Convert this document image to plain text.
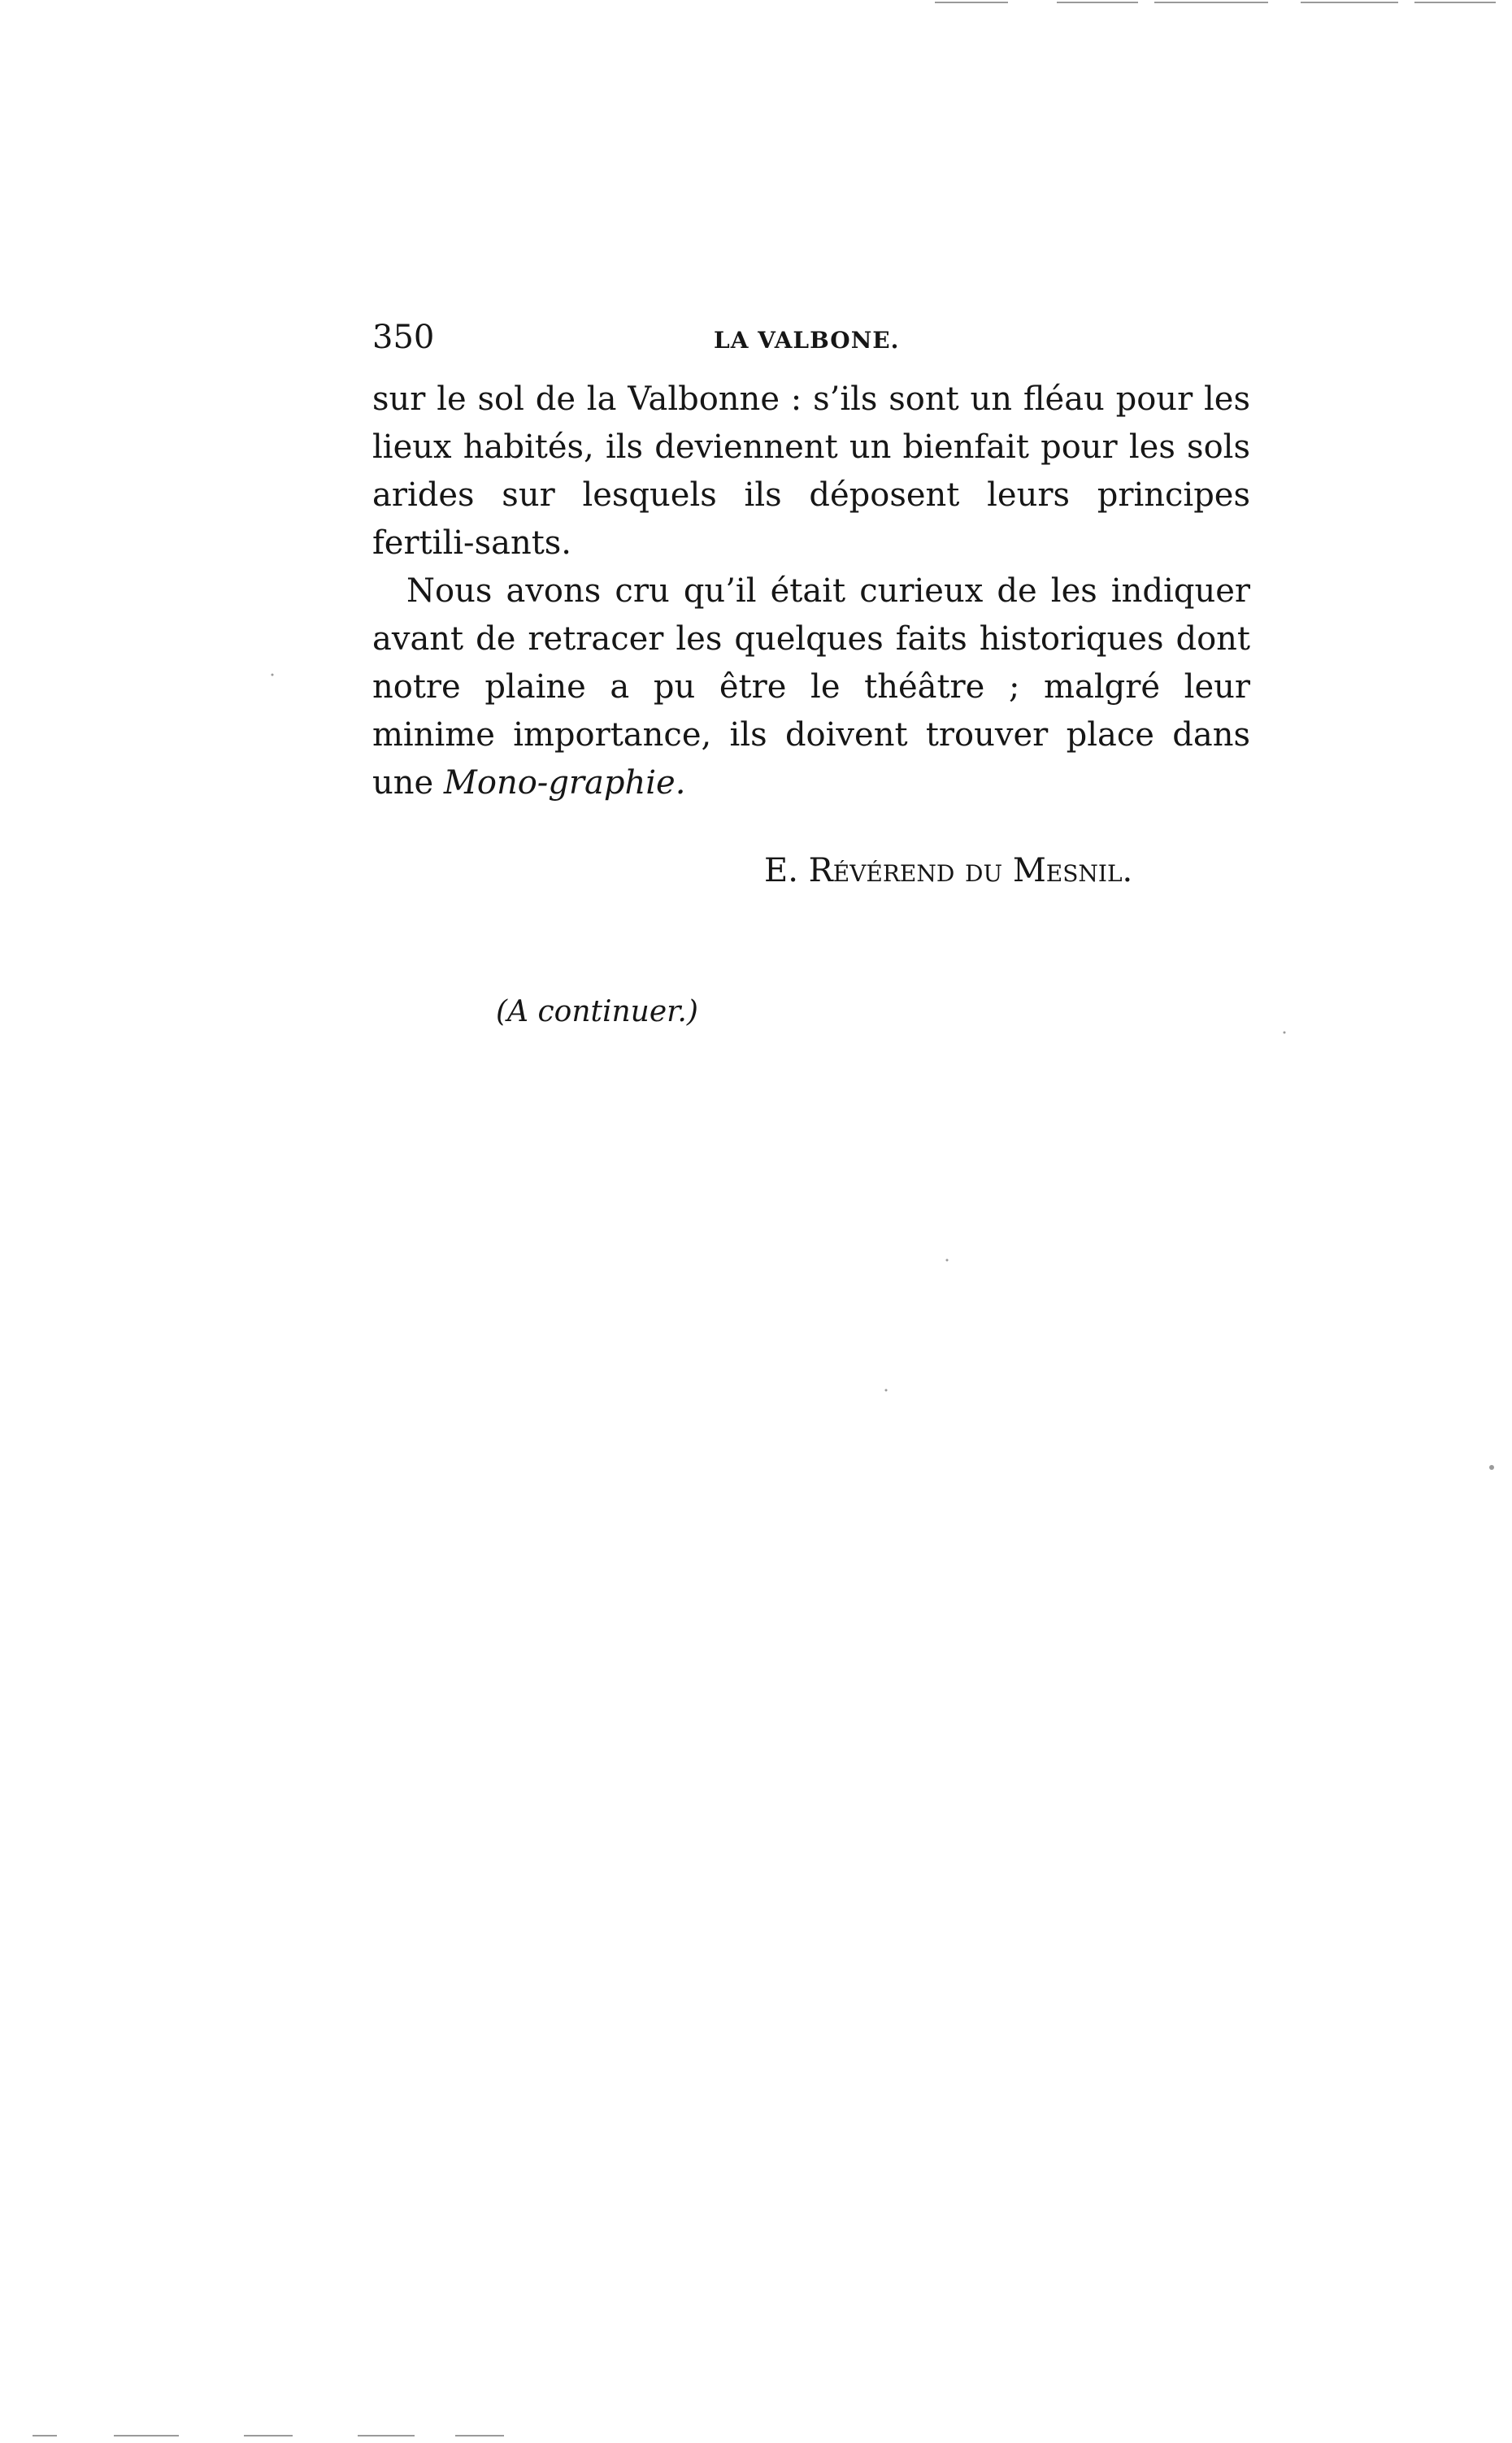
350	LA VALBONE.

sur le sol de la Valbonne : s’ils sont un fléau pour les lieux habités, ils deviennent un bienfait pour les sols arides sur lesquels ils déposent leurs principes fertili-sants.

Nous avons cru qu’il était curieux de les indiquer avant de retracer les quelques faits historiques dont notre plaine a pu être le théâtre ; malgré leur minime importance, ils doivent trouver place dans une Mono-graphie.

E. Révérend du Mesnil.
(A continuer.)
